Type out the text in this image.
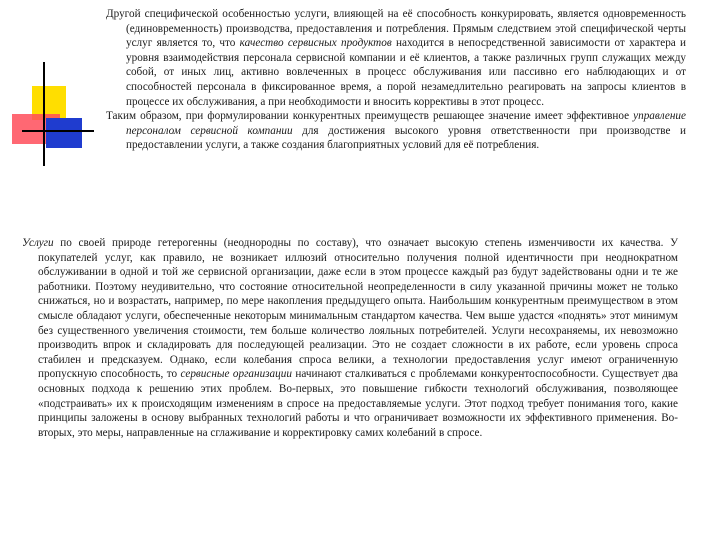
Другой специфической особенностью услуги, влияющей на её способность конкурировать, является одновременность (единовременность) производства, предоставления и потребления. Прямым следствием этой специфической черты услуг является то, что качество сервисных продуктов находится в непосредственной зависимости от характера и уровня взаимодействия персонала сервисной компании и её клиентов, а также различных групп служащих между собой, от иных лиц, активно вовлеченных в процесс обслуживания или пассивно его наблюдающих и от способностей персонала в фиксированное время, а порой незамедлительно реагировать на запросы клиентов в процессе их обслуживания, а при необходимости и вносить коррективы в этот процесс.

Таким образом, при формулировании конкурентных преимуществ решающее значение имеет эффективное управление персоналом сервисной компании для достижения высокого уровня ответственности при производстве и предоставлении услуги, а также создания благоприятных условий для её потребления.

Услуги по своей природе гетерогенны (неоднородны по составу), что означает высокую степень изменчивости их качества. У покупателей услуг, как правило, не возникает иллюзий относительно получения полной идентичности при неоднократном обслуживании в одной и той же сервисной организации, даже если в этом процессе каждый раз будут задействованы одни и те же работники. Поэтому неудивительно, что состояние относительной неопределенности в силу указанной причины может не только снижаться, но и возрастать, например, по мере накопления предыдущего опыта. Наибольшим конкурентным преимуществом в этом смысле обладают услуги, обеспеченные некоторым минимальным стандартом качества. Чем выше удастся «поднять» этот минимум без существенного увеличения стоимости, тем больше количество лояльных потребителей. Услуги несохраняемы, их невозможно производить впрок и складировать для последующей реализации. Это не создает сложности в их работе, если уровень спроса стабилен и предсказуем. Однако, если колебания спроса велики, а технологии предоставления услуг имеют ограниченную пропускную способность, то сервисные организации начинают сталкиваться с проблемами конкурентоспособности. Существует два основных подхода к решению этих проблем. Во-первых, это повышение гибкости технологий обслуживания, позволяющее «подстраивать» их к происходящим изменениям в спросе на предоставляемые услуги. Этот подход требует понимания того, какие принципы заложены в основу выбранных технологий работы и что ограничивает возможности их эффективного применения. Во-вторых, это меры, направленные на сглаживание и корректировку самих колебаний в спросе.
